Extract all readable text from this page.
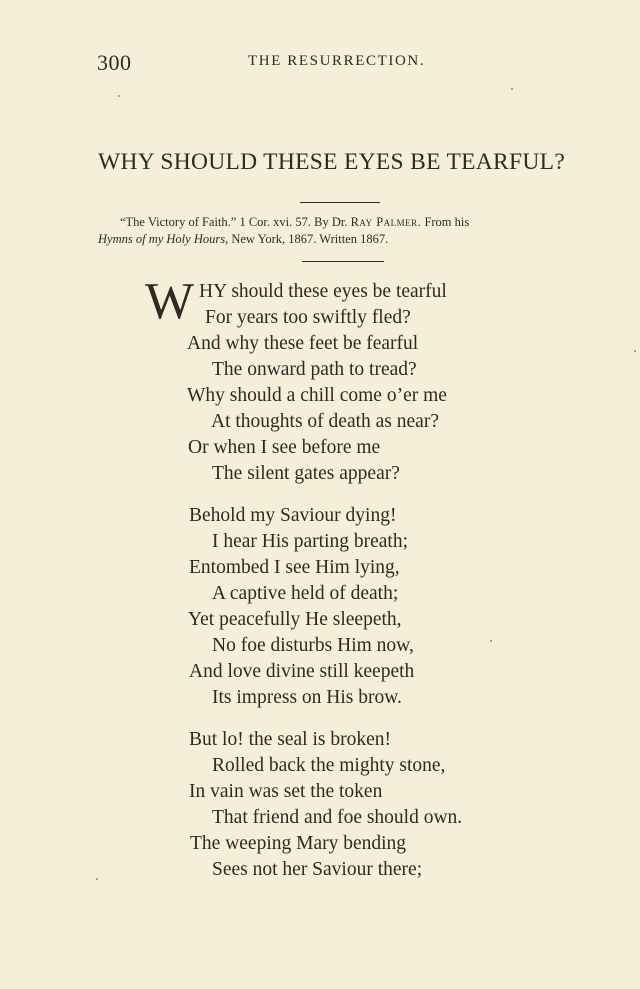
300	THE RESURRECTION.
WHY SHOULD THESE EYES BE TEARFUL?
“The Victory of Faith.” 1 Cor. xvi. 57. By Dr. Ray Palmer. From his
Hymns of my Holy Hours, New York, 1867. Written 1867.
W HY should these eyes be tearful
For years too swiftly fled?
And why these feet be fearful
The onward path to tread?
Why should a chill come o’er me
At thoughts of death as near?
Or when I see before me
The silent gates appear?
Behold my Saviour dying!
I hear His parting breath;
Entombed I see Him lying,
A captive held of death;
Yet peacefully He sleepeth,
No foe disturbs Him now,
And love divine still keepeth
Its impress on His brow.
But lo! the seal is broken!
Rolled back the mighty stone,
In vain was set the token
That friend and foe should own.
The weeping Mary bending
Sees not her Saviour there;
